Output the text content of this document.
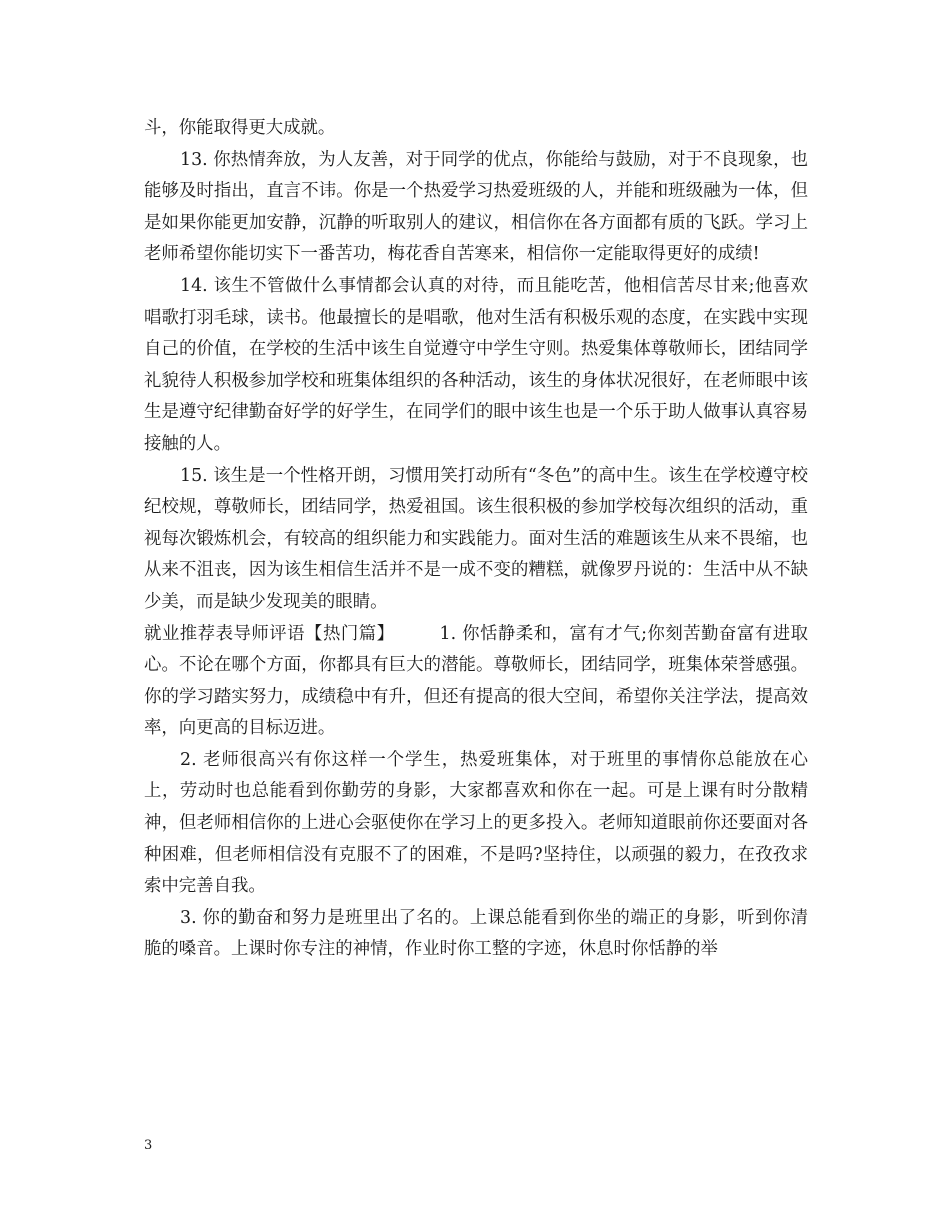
斗，你能取得更大成就。

13. 你热情奔放，为人友善，对于同学的优点，你能给与鼓励，对于不良现象，也能够及时指出，直言不讳。你是一个热爱学习热爱班级的人，并能和班级融为一体，但是如果你能更加安静，沉静的听取别人的建议，相信你在各方面都有质的飞跃。学习上老师希望你能切实下一番苦功，梅花香自苦寒来，相信你一定能取得更好的成绩!

14. 该生不管做什么事情都会认真的对待，而且能吃苦，他相信苦尽甘来;他喜欢唱歌打羽毛球，读书。他最擅长的是唱歌，他对生活有积极乐观的态度，在实践中实现自己的价值，在学校的生活中该生自觉遵守中学生守则。热爱集体尊敬师长，团结同学礼貌待人积极参加学校和班集体组织的各种活动，该生的身体状况很好，在老师眼中该生是遵守纪律勤奋好学的好学生，在同学们的眼中该生也是一个乐于助人做事认真容易接触的人。

15. 该生是一个性格开朗，习惯用笑打动所有“冬色”的高中生。该生在学校遵守校纪校规，尊敬师长，团结同学，热爱祖国。该生很积极的参加学校每次组织的活动，重视每次锻炼机会，有较高的组织能力和实践能力。面对生活的难题该生从来不畏缩，也从来不沮丧，因为该生相信生活并不是一成不变的糟糕，就像罗丹说的：生活中从不缺少美，而是缺少发现美的眼睛。

就业推荐表导师评语【热门篇】　　　	1. 你恬静柔和，富有才气;你刻苦勤奋富有进取心。不论在哪个方面，你都具有巨大的潜能。尊敬师长，团结同学，班集体荣誉感强。你的学习踏实努力，成绩稳中有升，但还有提高的很大空间，希望你关注学法，提高效率，向更高的目标迈进。

2. 老师很高兴有你这样一个学生，热爱班集体，对于班里的事情你总能放在心上，劳动时也总能看到你勤劳的身影，大家都喜欢和你在一起。可是上课有时分散精神，但老师相信你的上进心会驱使你在学习上的更多投入。老师知道眼前你还要面对各种困难，但老师相信没有克服不了的困难，不是吗?坚持住，以顽强的毅力，在孜孜求索中完善自我。

3. 你的勤奋和努力是班里出了名的。上课总能看到你坐的端正的身影，听到你清脆的嗓音。上课时你专注的神情，作业时你工整的字迹，休息时你恬静的举

3
